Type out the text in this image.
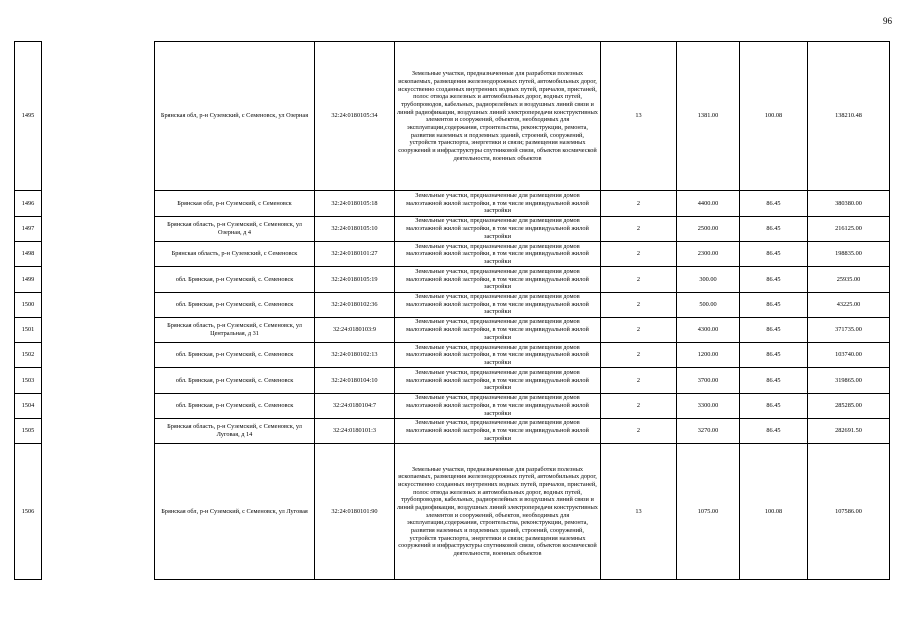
96
1495		Брянская обл, р-н Суземский, с Семеновск, ул Озерная	32:24:0180105:34	Земельные участки, предназначенные для разработки полезных ископаемых, размещения железнодорожных путей, автомобильных дорог, искусственно созданных внутренних водных путей, причалов, пристаней, полос отвода железных и автомобильных дорог, водных путей, трубопроводов, кабельных, радиорелейных и воздушных линий связи и линий радиофикации, воздушных линий электропередачи конструктивных элементов и сооружений, объектов, необходимых для эксплуатации,содержания, строительства, реконструкции, ремонта, развития наземных и подземных зданий, строений, сооружений, устройств транспорта, энергетики и связи; размещения наземных сооружений и инфраструктуры спутниковой связи, объектов космической деятельности, военных объектов	13	1381.00	100.08	138210.48
1496		Брянская обл, р-н Суземский, с Семеновск	32:24:0180105:18	Земельные участки, предназначенные для размещения домов малоэтажной жилой застройки, в том числе индивидуальной жилой застройки	2	4400.00	86.45	380380.00
1497		Брянская область, р-н Суземский, с Семеновск, ул Озерная, д 4	32:24:0180105:10	Земельные участки, предназначенные для размещения домов малоэтажной жилой застройки, в том числе индивидуальной жилой застройки	2	2500.00	86.45	216125.00
1498		Брянская область, р-н Суземский, с Семеновск	32:24:0180101:27	Земельные участки, предназначенные для размещения домов малоэтажной жилой застройки, в том числе индивидуальной жилой застройки	2	2300.00	86.45	198835.00
1499		обл. Брянская, р-н Суземский, с. Семеновск	32:24:0180105:19	Земельные участки, предназначенные для размещения домов малоэтажной жилой застройки, в том числе индивидуальной жилой застройки	2	300.00	86.45	25935.00
1500		обл. Брянская, р-н Суземский, с. Семеновск	32:24:0180102:36	Земельные участки, предназначенные для размещения домов малоэтажной жилой застройки, в том числе индивидуальной жилой застройки	2	500.00	86.45	43225.00
1501		Брянская область, р-н Суземский, с Семеновск, ул Центральная, д 31	32:24:0180103:9	Земельные участки, предназначенные для размещения домов малоэтажной жилой застройки, в том числе индивидуальной жилой застройки	2	4300.00	86.45	371735.00
1502		обл. Брянская, р-н Суземский, с. Семеновск	32:24:0180102:13	Земельные участки, предназначенные для размещения домов малоэтажной жилой застройки, в том числе индивидуальной жилой застройки	2	1200.00	86.45	103740.00
1503		обл. Брянская, р-н Суземский, с. Семеновск	32:24:0180104:10	Земельные участки, предназначенные для размещения домов малоэтажной жилой застройки, в том числе индивидуальной жилой застройки	2	3700.00	86.45	319865.00
1504		обл. Брянская, р-н Суземский, с. Семеновск	32:24:0180104:7	Земельные участки, предназначенные для размещения домов малоэтажной жилой застройки, в том числе индивидуальной жилой застройки	2	3300.00	86.45	285285.00
1505		Брянская область, р-н Суземский, с Семеновск, ул Луговая, д 14	32:24:0180101:3	Земельные участки, предназначенные для размещения домов малоэтажной жилой застройки, в том числе индивидуальной жилой застройки	2	3270.00	86.45	282691.50
1506		Брянская обл, р-н Суземский, с Семеновск, ул Луговая	32:24:0180101:90	Земельные участки, предназначенные для разработки полезных ископаемых, размещения железнодорожных путей, автомобильных дорог, искусственно созданных внутренних водных путей, причалов, пристаней, полос отвода железных и автомобильных дорог, водных путей, трубопроводов, кабельных, радиорелейных и воздушных линий связи и линий радиофикации, воздушных линий электропередачи конструктивных элементов и сооружений, объектов, необходимых для эксплуатации,содержания, строительства, реконструкции, ремонта, развития наземных и подземных зданий, строений, сооружений, устройств транспорта, энергетики и связи; размещения наземных сооружений и инфраструктуры спутниковой связи, объектов космической деятельности, военных объектов	13	1075.00	100.08	107586.00
